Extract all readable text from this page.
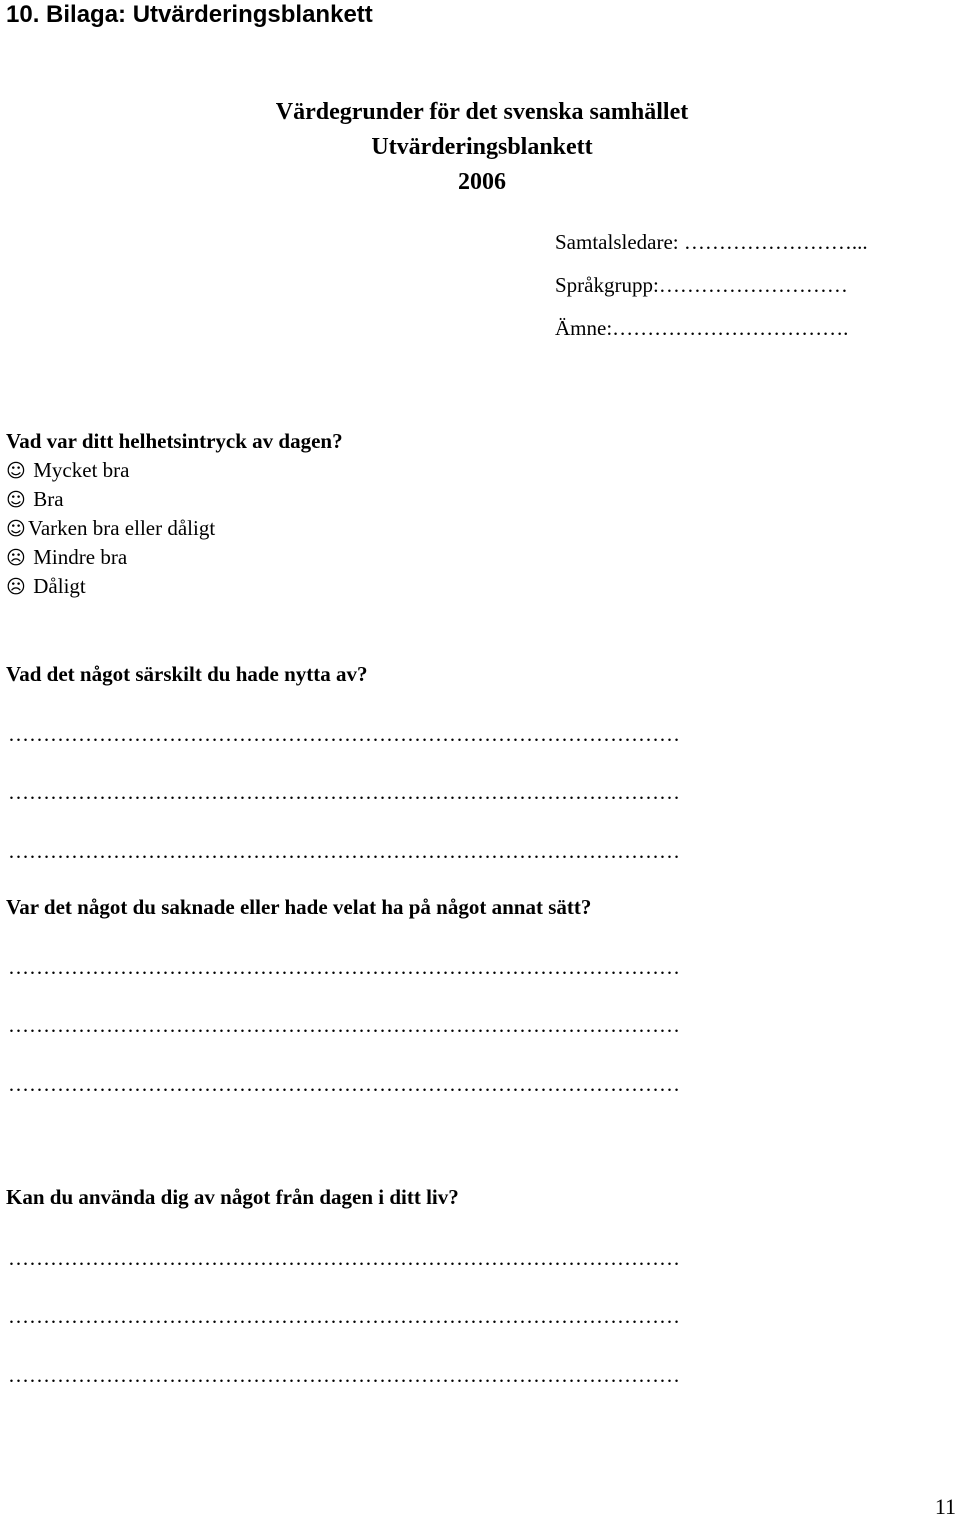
10. Bilaga: Utvärderingsblankett
Värdegrunder för det svenska samhället
Utvärderingsblankett
2006
Samtalsledare: ……………………...
Språkgrupp:………………………
Ämne:…………………………….
Vad var ditt helhetsintryck av dagen?
☺ Mycket bra
☺ Bra
☺ Varken bra eller dåligt
☹ Mindre bra
☹ Dåligt
Vad det något särskilt du hade nytta av?
……………………………………………………………………………………
……………………………………………………………………………………
……………………………………………………………………………………
Var det något du saknade eller hade velat ha på något annat sätt?
……………………………………………………………………………………
……………………………………………………………………………………
……………………………………………………………………………………
Kan du använda dig av något från dagen i ditt liv?
……………………………………………………………………………………
……………………………………………………………………………………
……………………………………………………………………………………
11
